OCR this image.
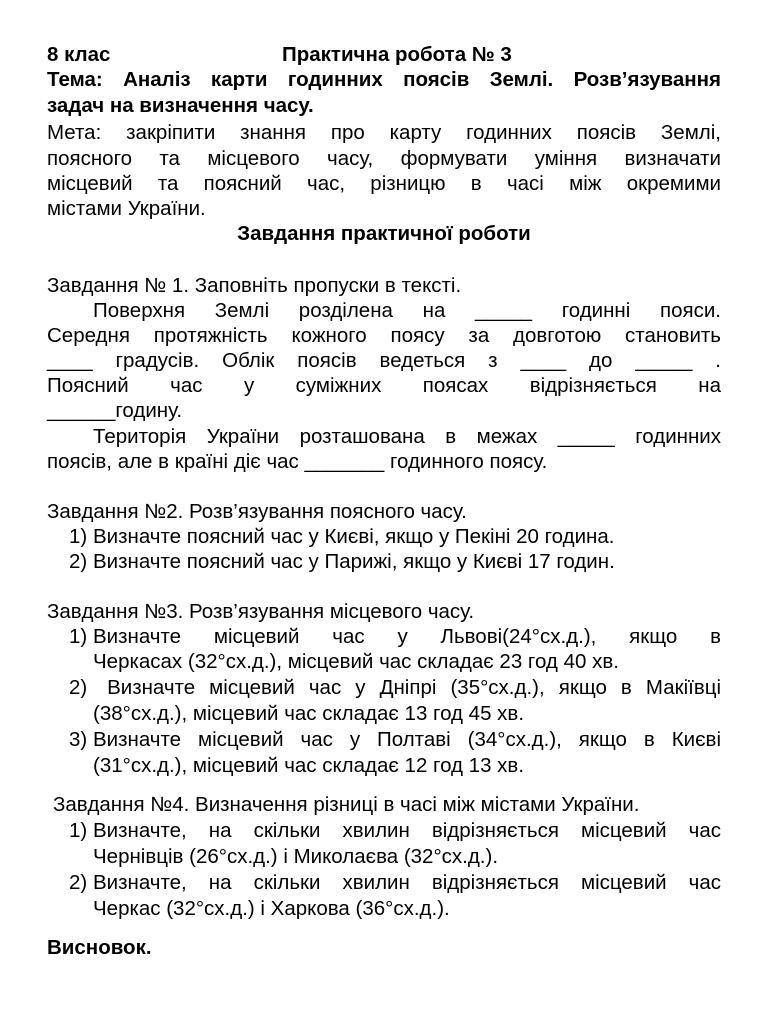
8 клас	Практична робота № 3
Тема: Аналіз карти годинних поясів Землі. Розв’язування
задач на визначення часу.
Мета: закріпити знання про карту годинних поясів Землі,
поясного та місцевого часу, формувати уміння визначати
місцевий та поясний час, різницю в часі між окремими
містами України.
Завдання практичної роботи
Завдання № 1. Заповніть пропуски в тексті.
Поверхня Землі розділена на _____ годинні пояси.
Середня протяжність кожного поясу за довготою становить
____ градусів. Облік поясів ведеться з ____ до _____ .
Поясний час у суміжних поясах відрізняється на
______годину.
Територія України розташована в межах _____ годинних
поясів, але в країні діє час _______ годинного поясу.
Завдання №2. Розв’язування поясного часу.
1) Визначте поясний час у Києві, якщо у Пекіні 20 година.
2) Визначте поясний час у Парижі, якщо у Києві 17 годин.
Завдання №3. Розв’язування місцевого часу.
1) Визначте місцевий час у Львові(24°сх.д.), якщо в
Черкасах (32°сх.д.), місцевий час складає 23 год 40 хв.
2) Визначте місцевий час у Дніпрі (35°сх.д.), якщо в Макіївці
(38°сх.д.), місцевий час складає 13 год 45 хв.
3) Визначте місцевий час у Полтаві (34°сх.д.), якщо в Києві
(31°сх.д.), місцевий час складає 12 год 13 хв.
Завдання №4. Визначення різниці в часі між містами України.
1) Визначте, на скільки хвилин відрізняється місцевий час
Чернівців (26°сх.д.) і Миколаєва (32°сх.д.).
2) Визначте, на скільки хвилин відрізняється місцевий час
Черкас (32°сх.д.) і Харкова (36°сх.д.).
Висновок.
